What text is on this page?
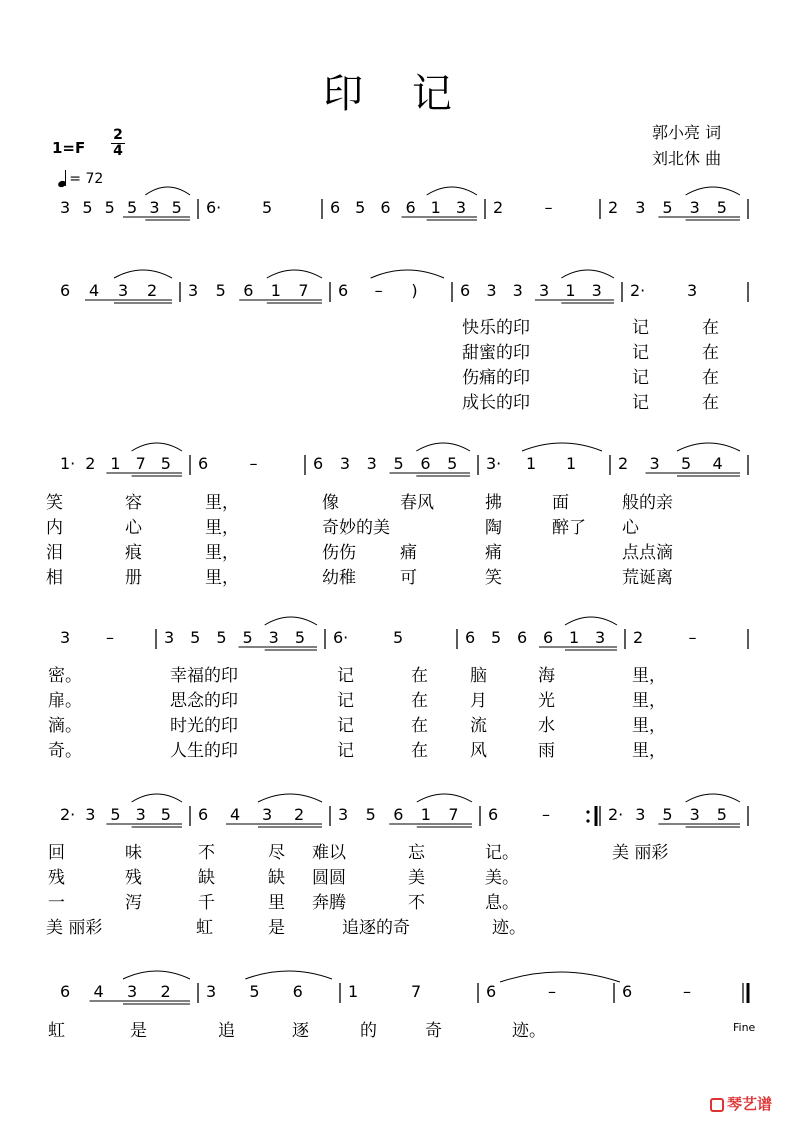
印 记
郭小亮 词
刘北休 曲
$1=F \frac{2}{4}$
= 72
3 5 5 5 3 5 6·	5	6 5 6 6 1 3 2	–	2 3 5 3 5
6 4 3 2 3 5 6 1 7 6 – )	6 3 3 3 1 3 2·	3
1· 2 1 7 5 6	–	6 3 3 5 6 5 3· 1 1	2 3 5 4
3 –	3 5 5 5 3 5 6·	5	6 5 6 6 1 3 2	–
2· 3 5 3 5 6 4 3 2 3 5 6 1 7 6	–	2· 3 5 3 5
6 4 3 2 3 5 6	1	7	6	–	6	–
快乐的印	记	在
甜蜜的印	记	在
伤痛的印	记	在
成长的印	记	在
笑	容	里，	像	春风	拂	面	般的亲
内	心	里，	奇妙的美	陶	醉了 心
泪	痕	里，	伤伤	痛	痛	点点滴
相	册	里，	幼稚	可	笑	荒诞离
密。	幸福的印	记	在 脑	海	里，
扉。	思念的印	记	在 月	光	里，
滴。	时光的印	记	在 流	水	里，
奇。	人生的印	记	在 风	雨	里，
回	味	不	尽 难以	忘	记。	美 丽彩
残	残	缺	缺 圆圆	美	美。
一	泻	千	里 奔腾	不	息。
美 丽彩	虹	是	追逐的奇	迹。
虹	是	追	逐	的	奇	迹。	Fine
琴艺谱
